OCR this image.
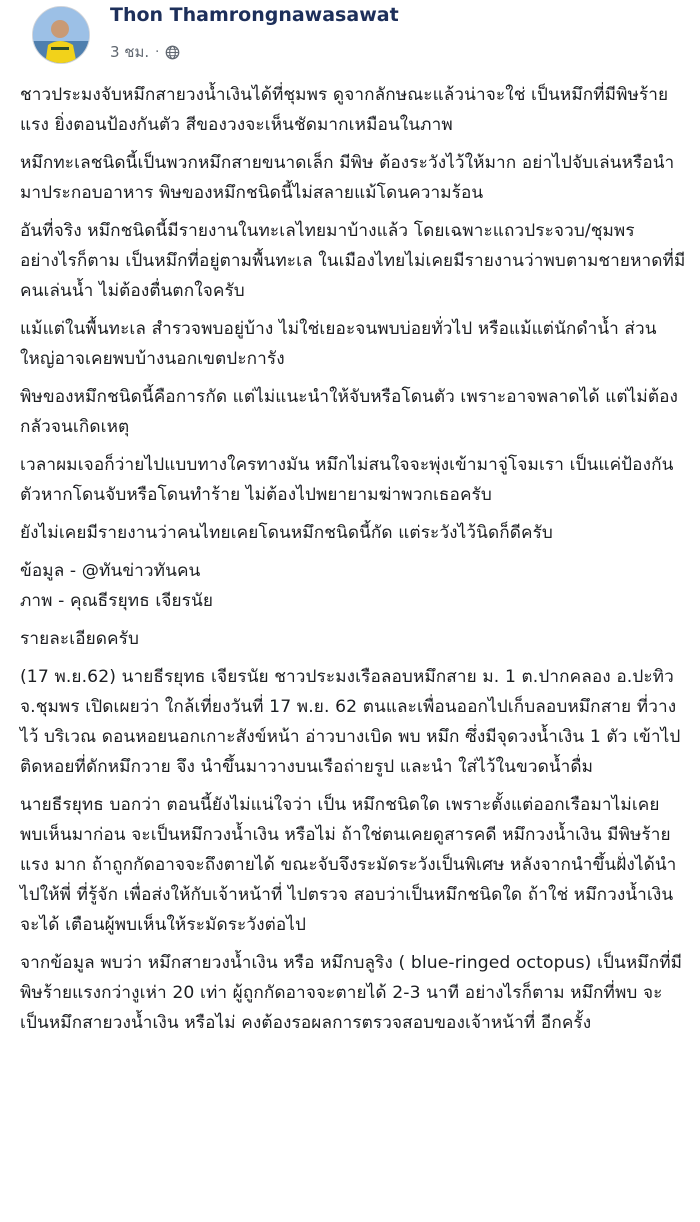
Thon Thamrongnawasawat
3 ชม. ·

ชาวประมงจับหมึกสายวงน้ำเงินได้ที่ชุมพร ดูจากลักษณะแล้วน่าจะใช่ เป็นหมึกที่มีพิษร้ายแรง ยิ่งตอนป้องกันตัว สีของวงจะเห็นชัดมากเหมือนในภาพ

หมึกทะเลชนิดนี้เป็นพวกหมึกสายขนาดเล็ก มีพิษ ต้องระวังไว้ให้มาก อย่าไปจับเล่นหรือนำมาประกอบอาหาร พิษของหมึกชนิดนี้ไม่สลายแม้โดนความร้อน

อันที่จริง หมึกชนิดนี้มีรายงานในทะเลไทยมาบ้างแล้ว โดยเฉพาะแถวประจวบ/ชุมพร อย่างไรก็ตาม เป็นหมึกที่อยู่ตามพื้นทะเล ในเมืองไทยไม่เคยมีรายงานว่าพบตามชายหาดที่มีคนเล่นน้ำ ไม่ต้องตื่นตกใจครับ

แม้แต่ในพื้นทะเล สำรวจพบอยู่บ้าง ไม่ใช่เยอะจนพบบ่อยทั่วไป หรือแม้แต่นักดำน้ำ ส่วนใหญ่อาจเคยพบบ้างนอกเขตปะการัง

พิษของหมึกชนิดนี้คือการกัด แต่ไม่แนะนำให้จับหรือโดนตัว เพราะอาจพลาดได้ แต่ไม่ต้องกลัวจนเกิดเหตุ

เวลาผมเจอก็ว่ายไปแบบทางใครทางมัน หมึกไม่สนใจจะพุ่งเข้ามาจู่โจมเรา เป็นแค่ป้องกันตัวหากโดนจับหรือโดนทำร้าย ไม่ต้องไปพยายามฆ่าพวกเธอครับ

ยังไม่เคยมีรายงานว่าคนไทยเคยโดนหมึกชนิดนี้กัด แต่ระวังไว้นิดก็ดีครับ

ข้อมูล - @ทันข่าวทันคน
ภาพ - คุณธีรยุทธ เจียรนัย

รายละเอียดครับ

(17 พ.ย.62) นายธีรยุทธ เจียรนัย ชาวประมงเรือลอบหมึกสาย ม. 1 ต.ปากคลอง อ.ปะทิว จ.ชุมพร เปิดเผยว่า ใกล้เที่ยงวันที่ 17 พ.ย. 62 ตนและเพื่อนออกไปเก็บลอบหมึกสาย ที่วางไว้ บริเวณ ดอนหอยนอกเกาะสังข์หน้า อ่าวบางเบิด พบ หมึก ซึ่งมีจุดวงน้ำเงิน 1 ตัว เข้าไปติดหอยที่ดักหมึกวาย จึง นำขึ้นมาวางบนเรือถ่ายรูป และนำ ใส่ไว้ในขวดน้ำดื่ม

นายธีรยุทธ บอกว่า ตอนนี้ยังไม่แน่ใจว่า เป็น หมึกชนิดใด เพราะตั้งแต่ออกเรือมาไม่เคยพบเห็นมาก่อน จะเป็นหมึกวงน้ำเงิน หรือไม่ ถ้าใช่ตนเคยดูสารคดี หมึกวงน้ำเงิน มีพิษร้ายแรง มาก ถ้าถูกกัดอาจจะถึงตายได้ ขณะจับจึงระมัดระวังเป็นพิเศษ หลังจากนำขึ้นฝั่งได้นำไปให้พี่ ที่รู้จัก เพื่อส่งให้กับเจ้าหน้าที่ ไปตรวจ สอบว่าเป็นหมึกชนิดใด ถ้าใช่ หมึกวงน้ำเงิน จะได้ เตือนผู้พบเห็นให้ระมัดระวังต่อไป

จากข้อมูล พบว่า หมึกสายวงน้ำเงิน หรือ หมึกบลูริง ( blue-ringed octopus) เป็นหมึกที่มีพิษร้ายแรงกว่างูเห่า 20 เท่า ผู้ถูกกัดอาจจะตายได้ 2-3 นาที อย่างไรก็ตาม หมึกที่พบ จะเป็นหมึกสายวงน้ำเงิน หรือไม่ คงต้องรอผลการตรวจสอบของเจ้าหน้าที่ อีกครั้ง
